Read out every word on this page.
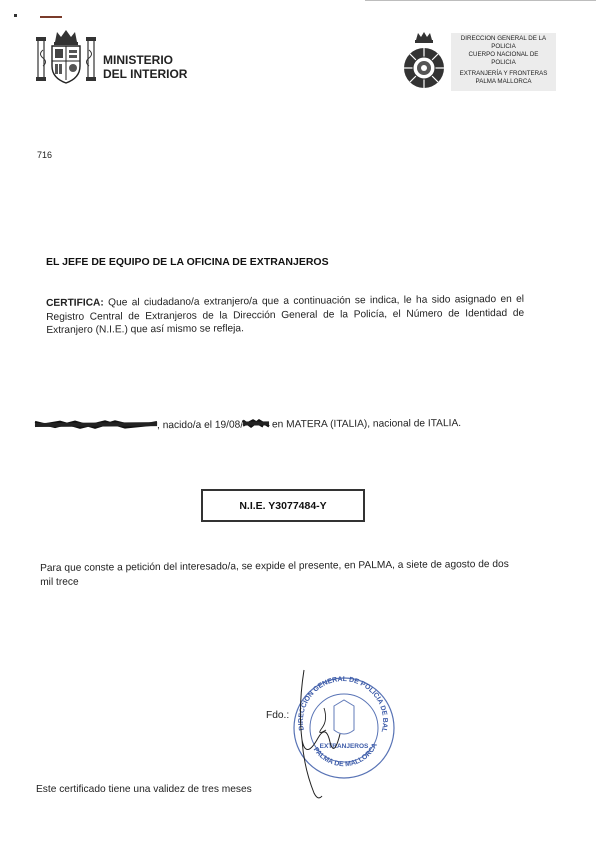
MINISTERIO
DEL INTERIOR
DIRECCION GENERAL DE LA
POLICIA
CUERPO NACIONAL DE
POLICIA
EXTRANJERÍA Y FRONTERAS
PALMA MALLORCA
716
EL JEFE DE EQUIPO DE LA OFICINA DE EXTRANJEROS
CERTIFICA: Que al ciudadano/a extranjero/a que a continuación se indica, le ha sido asignado en el Registro Central de Extranjeros de la Dirección General de la Policía, el Número de Identidad de Extranjero (N.I.E.) que así mismo se refleja.
, nacido/a el 19/08/	en MATERA (ITALIA), nacional de ITALIA.
N.I.E. Y3077484-Y
Para que conste a petición del interesado/a, se expide el presente, en PALMA, a siete de agosto de dos mil trece
Fdo.:
DIRECCION GENERAL DE POLICIA DE BALEARES
PALMA DE MALLORCA
EXTRANJEROS
Este certificado tiene una validez de tres meses
